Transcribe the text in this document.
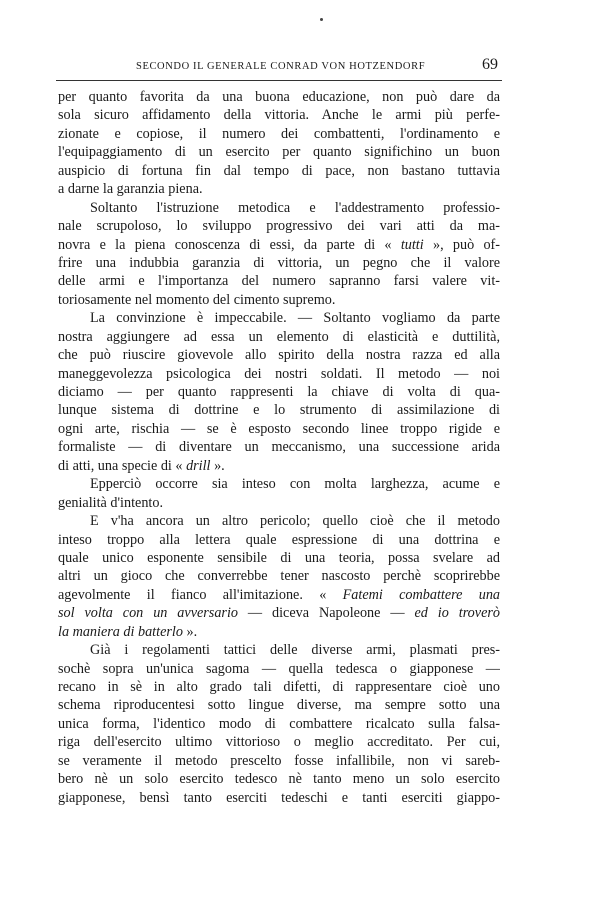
SECONDO IL GENERALE CONRAD VON HOTZENDORF	69
per quanto favorita da una buona educazione, non può dare da
sola sicuro affidamento della vittoria. Anche le armi più perfe-
zionate e copiose, il numero dei combattenti, l'ordinamento e
l'equipaggiamento di un esercito per quanto significhino un buon
auspicio di fortuna fin dal tempo di pace, non bastano tuttavia
a darne la garanzia piena.
Soltanto l'istruzione metodica e l'addestramento professio-
nale scrupoloso, lo sviluppo progressivo dei vari atti da ma-
novra e la piena conoscenza di essi, da parte di « tutti », può of-
frire una indubbia garanzia di vittoria, un pegno che il valore
delle armi e l'importanza del numero sapranno farsi valere vit-
toriosamente nel momento del cimento supremo.
La convinzione è impeccabile. — Soltanto vogliamo da parte
nostra aggiungere ad essa un elemento di elasticità e duttilità,
che può riuscire giovevole allo spirito della nostra razza ed alla
maneggevolezza psicologica dei nostri soldati. Il metodo — noi
diciamo — per quanto rappresenti la chiave di volta di qua-
lunque sistema di dottrine e lo strumento di assimilazione di
ogni arte, rischia — se è esposto secondo linee troppo rigide e
formaliste — di diventare un meccanismo, una successione arida
di atti, una specie di « drill ».
Epperciò occorre sia inteso con molta larghezza, acume e
genialità d'intento.
E v'ha ancora un altro pericolo; quello cioè che il metodo
inteso troppo alla lettera quale espressione di una dottrina e
quale unico esponente sensibile di una teoria, possa svelare ad
altri un gioco che converrebbe tener nascosto perchè scoprirebbe
agevolmente il fianco all'imitazione. « Fatemi combattere una
sol volta con un avversario — diceva Napoleone — ed io troverò
la maniera di batterlo ».
Già i regolamenti tattici delle diverse armi, plasmati pres-
sochè sopra un'unica sagoma — quella tedesca o giapponese —
recano in sè in alto grado tali difetti, di rappresentare cioè uno
schema riproducentesi sotto lingue diverse, ma sempre sotto una
unica forma, l'identico modo di combattere ricalcato sulla falsa-
riga dell'esercito ultimo vittorioso o meglio accreditato. Per cui,
se veramente il metodo prescelto fosse infallibile, non vi sareb-
bero nè un solo esercito tedesco nè tanto meno un solo esercito
giapponese, bensì tanto eserciti tedeschi e tanti eserciti giappo-
